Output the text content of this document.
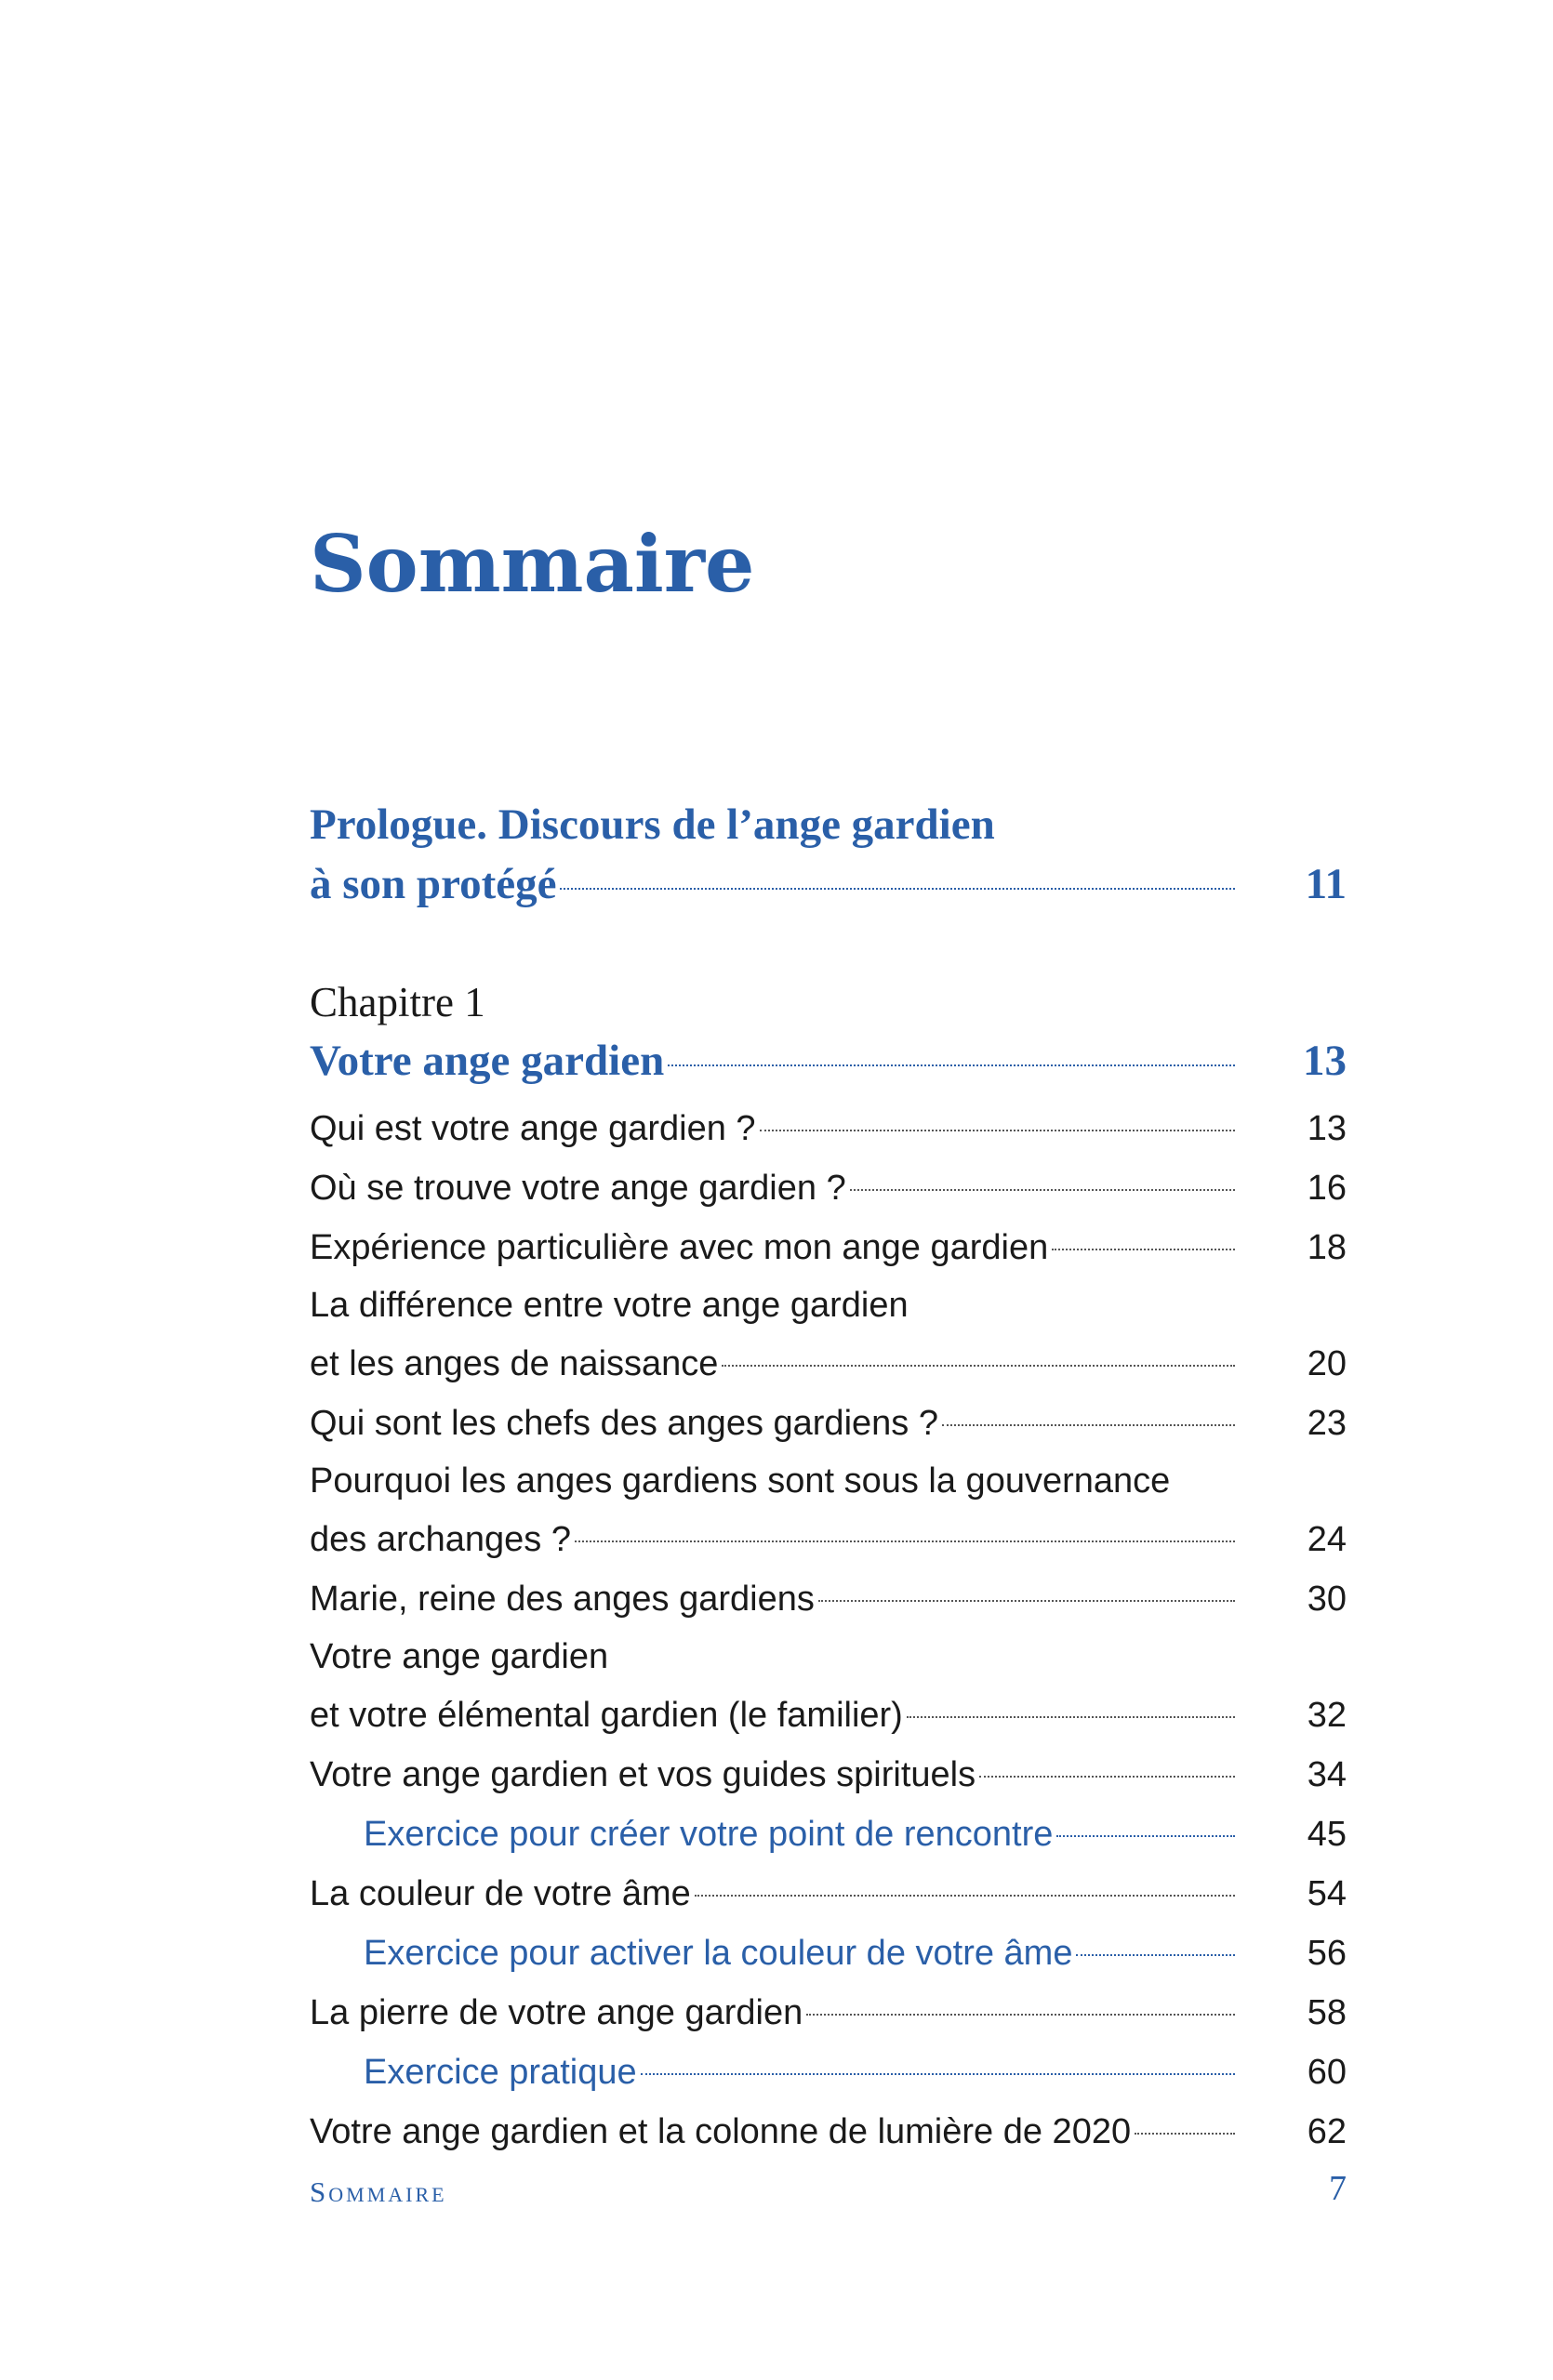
Sommaire
Prologue. Discours de l’ange gardien
à son protégé	11
Chapitre 1
Votre ange gardien	13
Qui est votre ange gardien ?	13
Où se trouve votre ange gardien ?	16
Expérience particulière avec mon ange gardien	18
La différence entre votre ange gardien
et les anges de naissance	20
Qui sont les chefs des anges gardiens ?	23
Pourquoi les anges gardiens sont sous la gouvernance
des archanges ?	24
Marie, reine des anges gardiens	30
Votre ange gardien
et votre élémental gardien (le familier)	32
Votre ange gardien et vos guides spirituels	34
Exercice pour créer votre point de rencontre	45
La couleur de votre âme	54
Exercice pour activer la couleur de votre âme	56
La pierre de votre ange gardien	58
Exercice pratique	60
Votre ange gardien et la colonne de lumière de 2020	62
Sommaire	7
